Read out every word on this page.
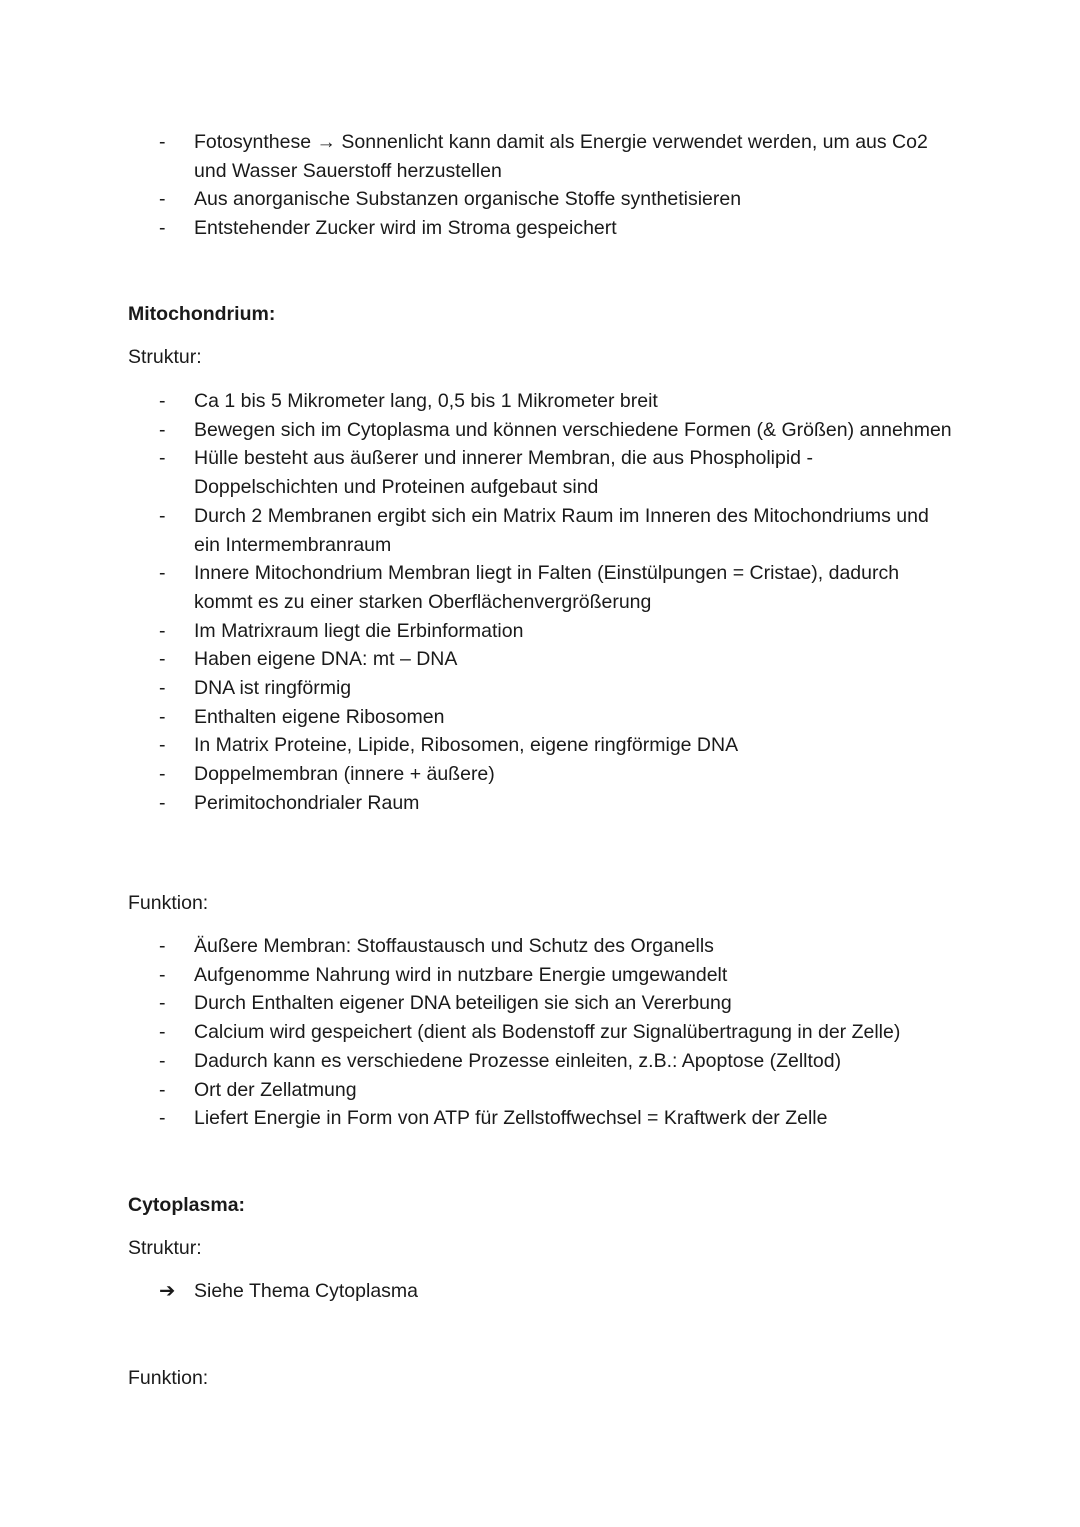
- Fotosynthese → Sonnenlicht kann damit als Energie verwendet werden, um aus Co2 und Wasser Sauerstoff herzustellen
- Aus anorganische Substanzen organische Stoffe synthetisieren
- Entstehender Zucker wird im Stroma gespeichert
Mitochondrium:
Struktur:
- Ca 1 bis 5 Mikrometer lang, 0,5 bis 1 Mikrometer breit
- Bewegen sich im Cytoplasma und können verschiedene Formen (& Größen) annehmen
- Hülle besteht aus äußerer und innerer Membran, die aus Phospholipid - Doppelschichten und Proteinen aufgebaut sind
- Durch 2 Membranen ergibt sich ein Matrix Raum im Inneren des Mitochondriums und ein Intermembranraum
- Innere Mitochondrium Membran liegt in Falten (Einstülpungen = Cristae), dadurch kommt es zu einer starken Oberflächenvergrößerung
- Im Matrixraum liegt die Erbinformation
- Haben eigene DNA: mt – DNA
- DNA ist ringförmig
- Enthalten eigene Ribosomen
- In Matrix Proteine, Lipide, Ribosomen, eigene ringförmige DNA
- Doppelmembran (innere + äußere)
- Perimitochondrialer Raum
Funktion:
- Äußere Membran: Stoffaustausch und Schutz des Organells
- Aufgenomme Nahrung wird in nutzbare Energie umgewandelt
- Durch Enthalten eigener DNA beteiligen sie sich an Vererbung
- Calcium wird gespeichert (dient als Bodenstoff zur Signalübertragung in der Zelle)
- Dadurch kann es verschiedene Prozesse einleiten, z.B.: Apoptose (Zelltod)
- Ort der Zellatmung
- Liefert Energie in Form von ATP für Zellstoffwechsel = Kraftwerk der Zelle
Cytoplasma:
Struktur:
➔ Siehe Thema Cytoplasma
Funktion:
